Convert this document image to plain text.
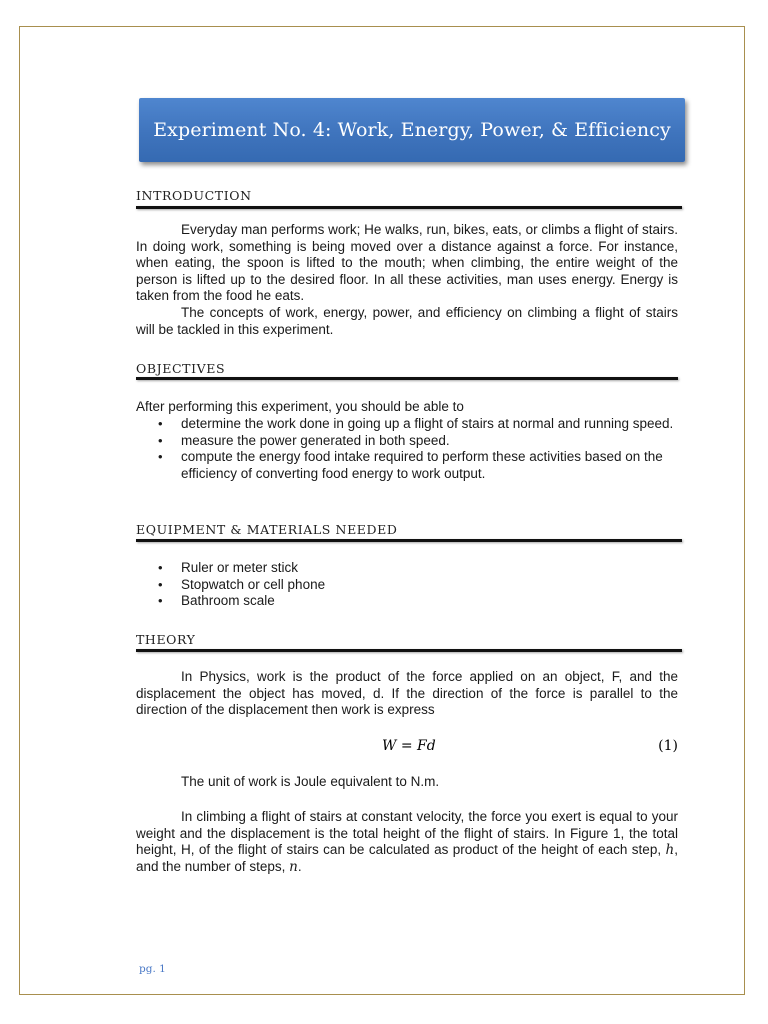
Experiment No. 4: Work, Energy, Power, & Efficiency
INTRODUCTION

Everyday man performs work; He walks, run, bikes, eats, or climbs a flight of stairs. In doing work, something is being moved over a distance against a force. For instance, when eating, the spoon is lifted to the mouth; when climbing, the entire weight of the person is lifted up to the desired floor. In all these activities, man uses energy. Energy is taken from the food he eats.

The concepts of work, energy, power, and efficiency on climbing a flight of stairs will be tackled in this experiment.

OBJECTIVES

After performing this experiment, you should be able to

• determine the work done in going up a flight of stairs at normal and running speed.
• measure the power generated in both speed.
• compute the energy food intake required to perform these activities based on the efficiency of converting food energy to work output.
EQUIPMENT & MATERIALS NEEDED
• Ruler or meter stick
• Stopwatch or cell phone
• Bathroom scale
THEORY

In Physics, work is the product of the force applied on an object, F, and the displacement the object has moved, d. If the direction of the force is parallel to the direction of the displacement then work is express

W = Fd	(1)

The unit of work is Joule equivalent to N.m.

In climbing a flight of stairs at constant velocity, the force you exert is equal to your weight and the displacement is the total height of the flight of stairs. In Figure 1, the total height, H, of the flight of stairs can be calculated as product of the height of each step, h, and the number of steps, n.

pg. 1
